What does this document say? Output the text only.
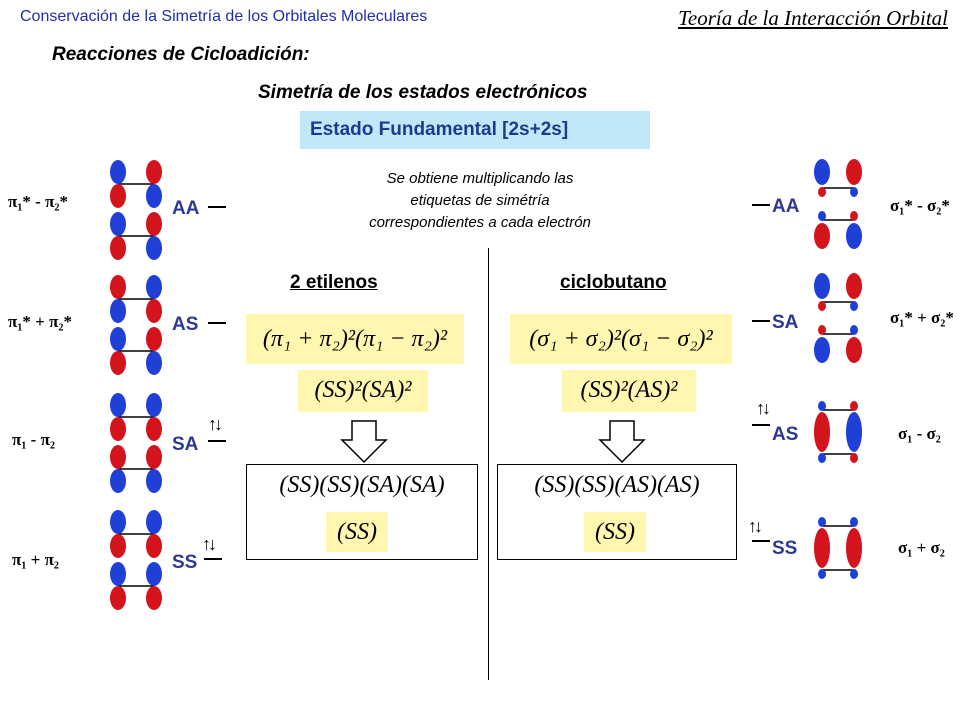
Conservación de la Simetría de los Orbitales Moleculares	Teoría de la Interacción Orbital
Reacciones de Cicloadición:
Simetría de los estados electrónicos
Estado Fundamental [2s+2s]
Se obtiene multiplicando las
etiquetas de simétría
correspondientes a cada electrón
2 etilenos	ciclobutano
(π₁ + π₂)²(π₁ − π₂)²
(SS)²(SA)²
(σ₁ + σ₂)²(σ₁ − σ₂)²
(SS)²(AS)²
(SS)(SS)(SA)(SA)	(SS)(SS)(AS)(AS)
(SS)	(SS)
π₁* - π₂*	AA
π₁* + π₂*	AS
π₁ - π₂	SA
↑↓
π₁ + π₂	SS
↑↓
AA	σ₁* - σ₂*
SA	σ₁* + σ₂*
↑↓
AS	σ₁ - σ₂
↑↓
SS	σ₁ + σ₂
